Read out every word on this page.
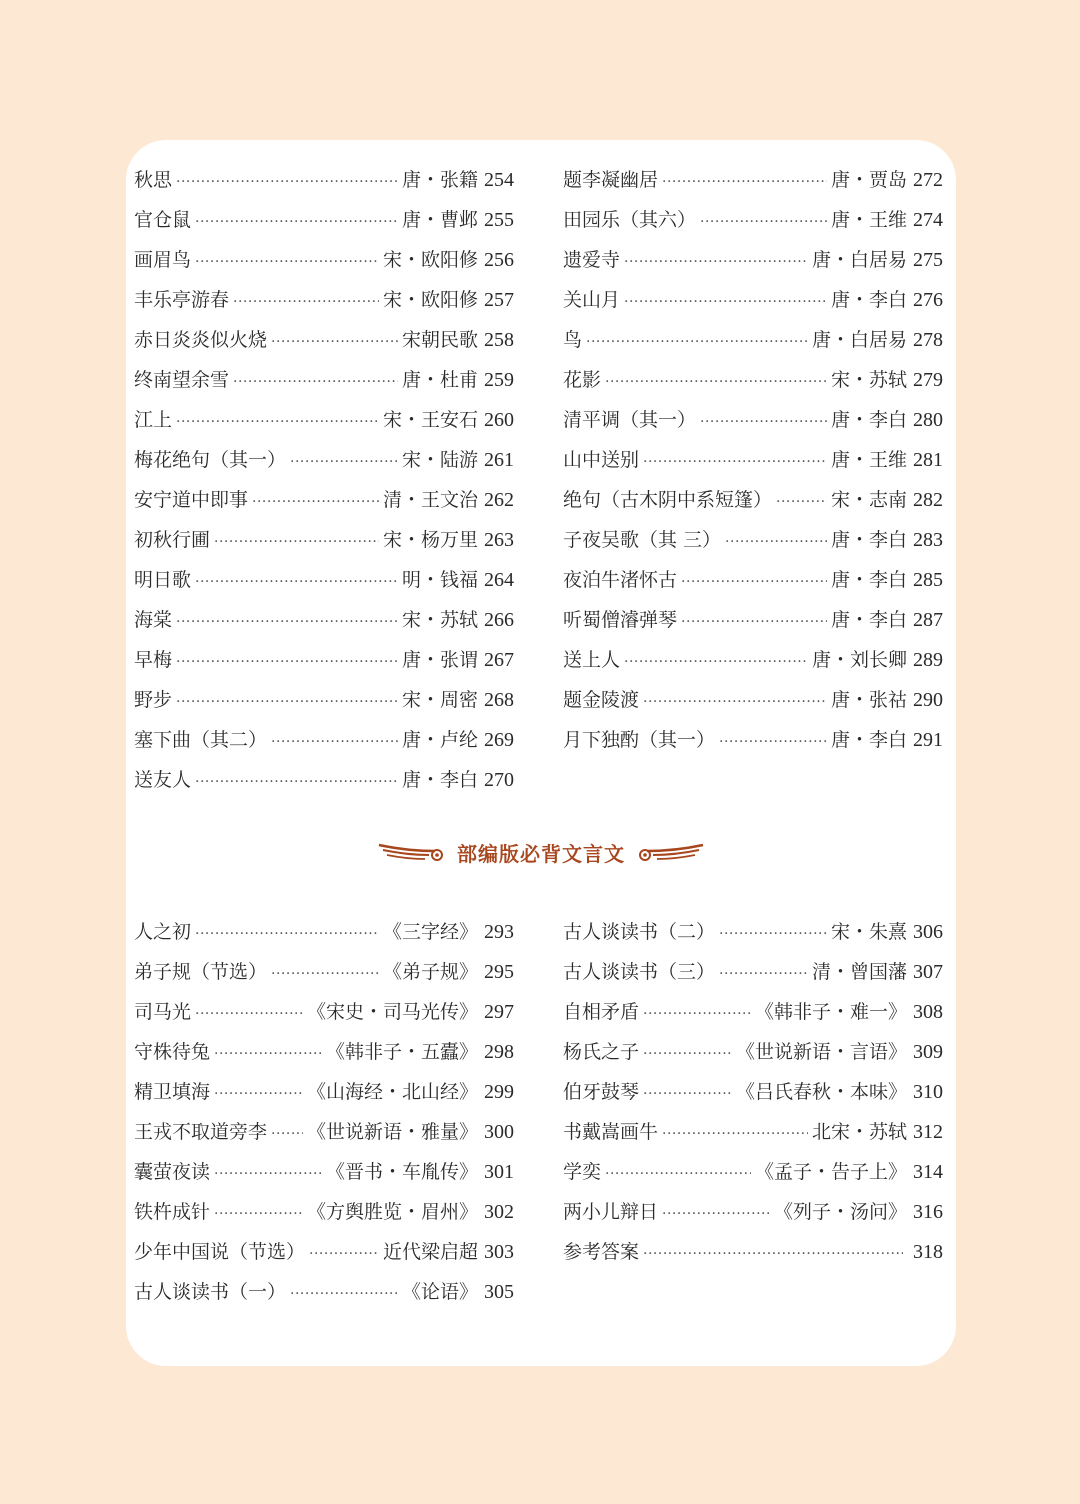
秋思 ·····	唐・张籍 254
官仓鼠 ·····	唐・曹邺 255
画眉鸟 ·····	宋・欧阳修 256
丰乐亭游春 ·····	宋・欧阳修 257
赤日炎炎似火烧 ·····	宋朝民歌 258
终南望余雪 ·····	唐・杜甫 259
江上 ·····	宋・王安石 260
梅花绝句（其一） ·····	宋・陆游 261
安宁道中即事 ·····	清・王文治 262
初秋行圃 ·····	宋・杨万里 263
明日歌 ·····	明・钱福 264
海棠 ·····	宋・苏轼 266
早梅 ·····	唐・张谓 267
野步 ·····	宋・周密 268
塞下曲（其二） ·····	唐・卢纶 269
送友人 ·····	唐・李白 270
题李凝幽居 ·····	唐・贾岛 272
田园乐（其六） ·····	唐・王维 274
遗爱寺 ·····	唐・白居易 275
关山月 ·····	唐・李白 276
鸟 ·····	唐・白居易 278
花影 ·····	宋・苏轼 279
清平调（其一） ·····	唐・李白 280
山中送别 ·····	唐・王维 281
绝句（古木阴中系短篷） ·····	宋・志南 282
子夜吴歌（其 三） ·····	唐・李白 283
夜泊牛渚怀古 ·····	唐・李白 285
听蜀僧濬弹琴 ·····	唐・李白 287
送上人 ·····	唐・刘长卿 289
题金陵渡 ·····	唐・张祜 290
月下独酌（其一） ·····	唐・李白 291
部编版必背文言文
人之初 ·····	《三字经》 293
弟子规（节选） ·····	《弟子规》 295
司马光 ·····	《宋史・司马光传》 297
守株待兔 ·····	《韩非子・五蠹》 298
精卫填海 ·····	《山海经・北山经》 299
王戎不取道旁李 ····· 《世说新语・雅量》 300
囊萤夜读 ·····	《晋书・车胤传》 301
铁杵成针 ·····	《方舆胜览・眉州》 302
少年中国说（节选） ·····	近代梁启超 303
古人谈读书（一） ·····	《论语》 305
古人谈读书（二） ·····	宋・朱熹 306
古人谈读书（三） ·····	清・曾国藩 307
自相矛盾 ·····	《韩非子・难一》 308
杨氏之子 ·····	《世说新语・言语》 309
伯牙鼓琴 ·····	《吕氏春秋・本味》 310
书戴嵩画牛 ·····	北宋・苏轼 312
学奕 ·····	《孟子・告子上》 314
两小儿辩日 ·····	《列子・汤问》 316
参考答案 ·····	318
